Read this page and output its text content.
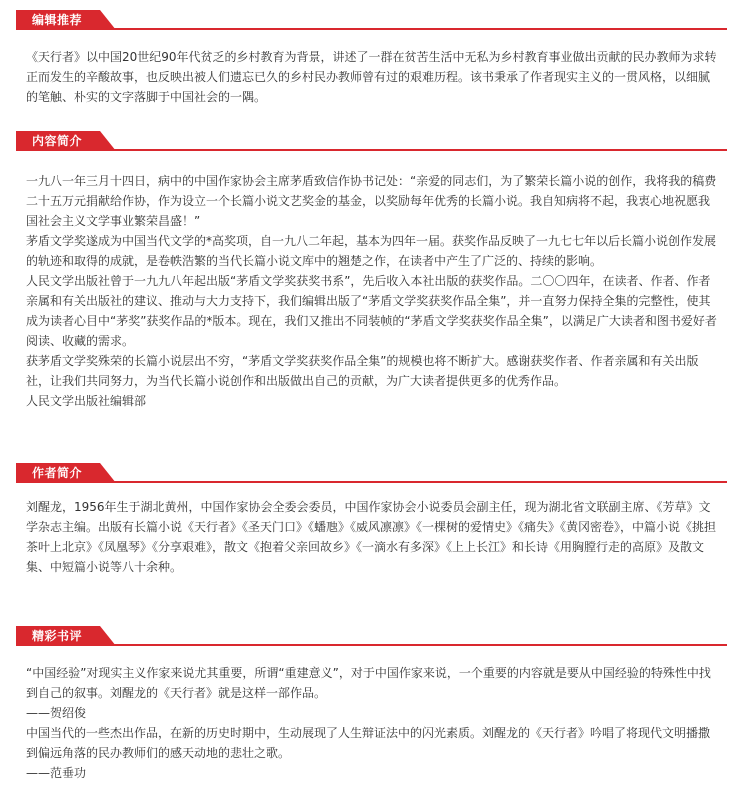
编辑推荐

《天行者》以中国20世纪90年代贫乏的乡村教育为背景，讲述了一群在贫苦生活中无私为乡村教育事业做出贡献的民办教师为求转正而发生的辛酸故事，也反映出被人们遗忘已久的乡村民办教师曾有过的艰难历程。该书秉承了作者现实主义的一贯风格，以细腻的笔触、朴实的文字落脚于中国社会的一隅。

内容简介

一九八一年三月十四日，病中的中国作家协会主席茅盾致信作协书记处：“亲爱的同志们，为了繁荣长篇小说的创作，我将我的稿费二十五万元捐献给作协，作为设立一个长篇小说文艺奖金的基金，以奖励每年优秀的长篇小说。我自知病将不起，我衷心地祝愿我国社会主义文学事业繁荣昌盛！”

茅盾文学奖遂成为中国当代文学的*高奖项，自一九八二年起，基本为四年一届。获奖作品反映了一九七七年以后长篇小说创作发展的轨迹和取得的成就，是卷帙浩繁的当代长篇小说文库中的翘楚之作，在读者中产生了广泛的、持续的影响。

人民文学出版社曾于一九九八年起出版“茅盾文学奖获奖书系”，先后收入本社出版的获奖作品。二〇〇四年，在读者、作者、作者亲属和有关出版社的建议、推动与大力支持下，我们编辑出版了“茅盾文学奖获奖作品全集”，并一直努力保持全集的完整性，使其成为读者心目中“茅奖”获奖作品的*版本。现在，我们又推出不同装帧的“茅盾文学奖获奖作品全集”，以满足广大读者和图书爱好者阅读、收藏的需求。

获茅盾文学奖殊荣的长篇小说层出不穷，“茅盾文学奖获奖作品全集”的规模也将不断扩大。感谢获奖作者、作者亲属和有关出版社，让我们共同努力，为当代长篇小说创作和出版做出自己的贡献，为广大读者提供更多的优秀作品。

人民文学出版社编辑部

作者简介

刘醒龙，1956年生于湖北黄州，中国作家协会全委会委员，中国作家协会小说委员会副主任，现为湖北省文联副主席、《芳草》文学杂志主编。出版有长篇小说《天行者》《圣天门口》《蟠虺》《威风凛凛》《一棵树的爱情史》《痛失》《黄冈密卷》，中篇小说《挑担茶叶上北京》《凤凰琴》《分享艰难》，散文《抱着父亲回故乡》《一滴水有多深》《上上长江》和长诗《用胸膛行走的高原》及散文集、中短篇小说等八十余种。

精彩书评

“中国经验”对现实主义作家来说尤其重要，所谓“重建意义”，对于中国作家来说，一个重要的内容就是要从中国经验的特殊性中找到自己的叙事。刘醒龙的《天行者》就是这样一部作品。

——贺绍俊

中国当代的一些杰出作品，在新的历史时期中，生动展现了人生辩证法中的闪光素质。刘醒龙的《天行者》吟唱了将现代文明播撒到偏远角落的民办教师们的感天动地的悲壮之歌。

——范垂功
